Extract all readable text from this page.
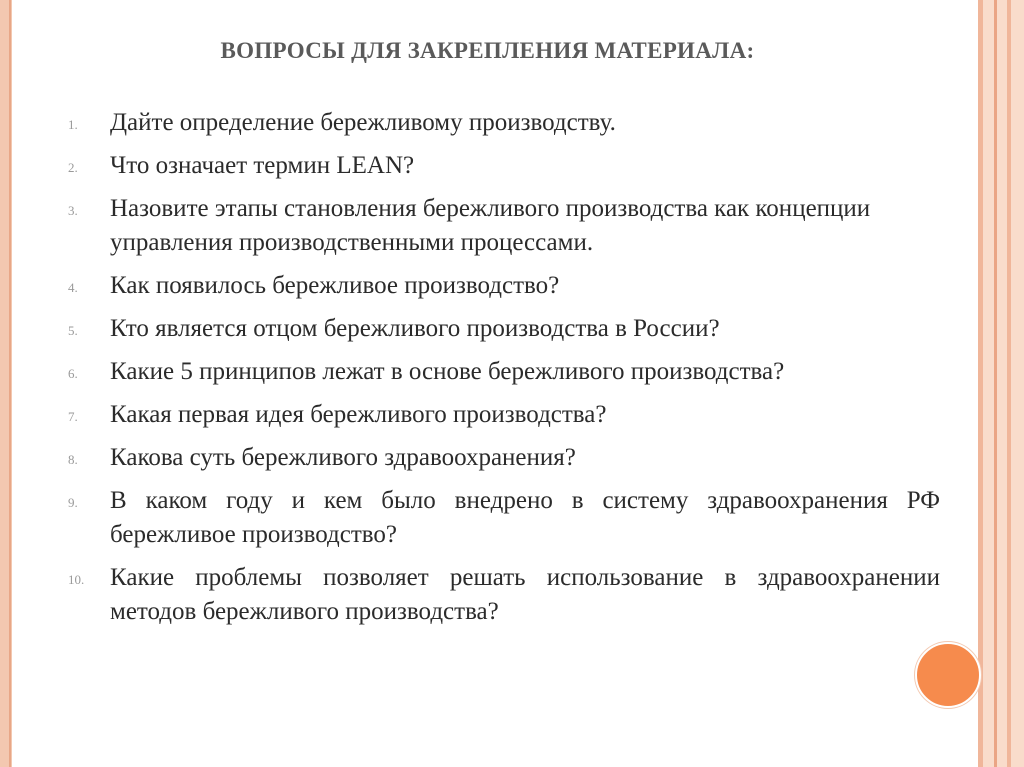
ВОПРОСЫ ДЛЯ ЗАКРЕПЛЕНИЯ МАТЕРИАЛА:
1. Дайте определение бережливому производству.
2. Что означает термин LEAN?
3. Назовите этапы становления бережливого производства как концепции управления производственными процессами.
4. Как появилось бережливое производство?
5. Кто является отцом бережливого производства в России?
6. Какие 5 принципов лежат в основе бережливого производства?
7. Какая первая идея бережливого производства?
8. Какова суть бережливого здравоохранения?
9. В каком году и кем было внедрено в систему здравоохранения РФ бережливое производство?
10. Какие проблемы позволяет решать использование в здравоохранении методов бережливого производства?
